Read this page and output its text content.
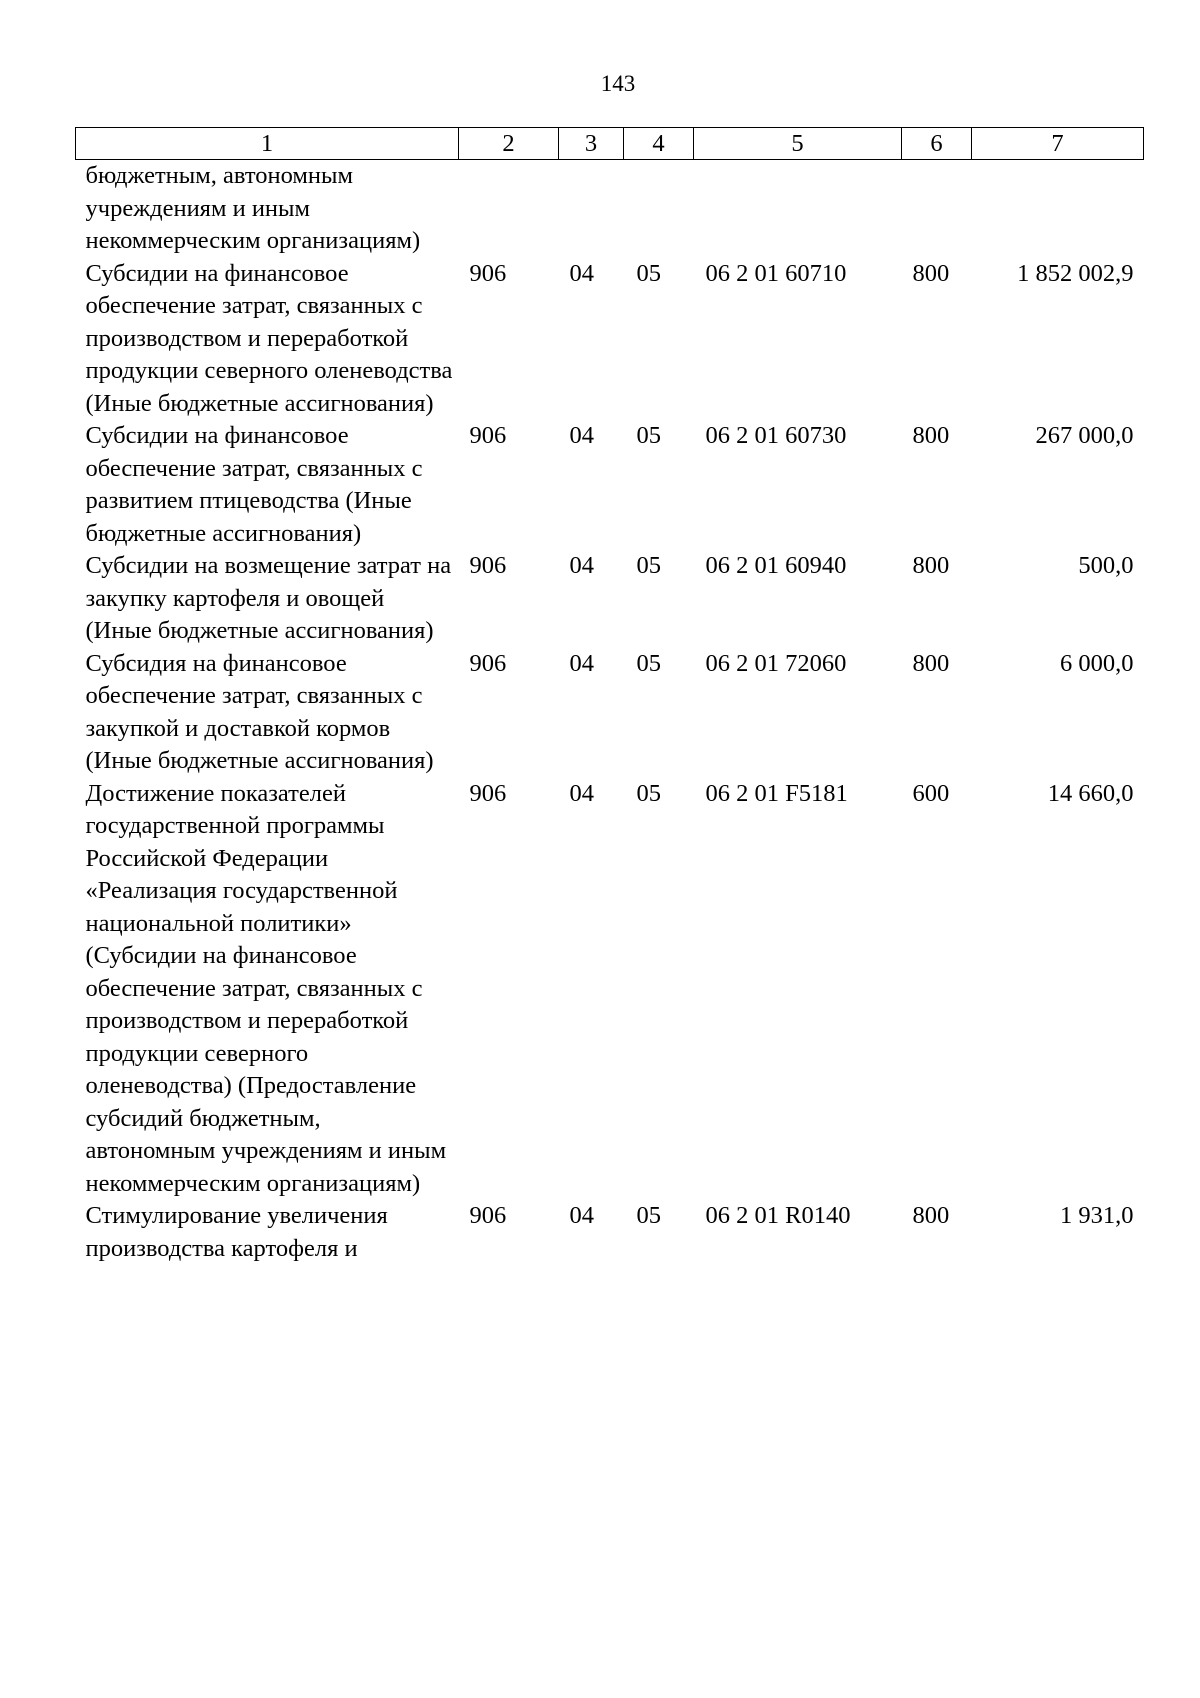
143
1	2	3	4	5	6	7
бюджетным, автономным учреждениям и иным некоммерческим организациям)						
Субсидии на финансовое обеспечение затрат, связанных с производством и переработкой продукции северного оленеводства (Иные бюджетные ассигнования)	906	04	05	06 2 01 60710	800	1 852 002,9
Субсидии на финансовое обеспечение затрат, связанных с развитием птицеводства (Иные бюджетные ассигнования)	906	04	05	06 2 01 60730	800	267 000,0
Субсидии на возмещение затрат на закупку картофеля и овощей (Иные бюджетные ассигнования)	906	04	05	06 2 01 60940	800	500,0
Субсидия на финансовое обеспечение затрат, связанных с закупкой и доставкой кормов (Иные бюджетные ассигнования)	906	04	05	06 2 01 72060	800	6 000,0
Достижение показателей государственной программы Российской Федерации «Реализация государственной национальной политики» (Субсидии на финансовое обеспечение затрат, связанных с производством и переработкой продукции северного оленеводства) (Предоставление субсидий бюджетным, автономным учреждениям и иным некоммерческим организациям)	906	04	05	06 2 01 F5181	600	14 660,0
Стимулирование увеличения производства картофеля и	906	04	05	06 2 01 R0140	800	1 931,0
